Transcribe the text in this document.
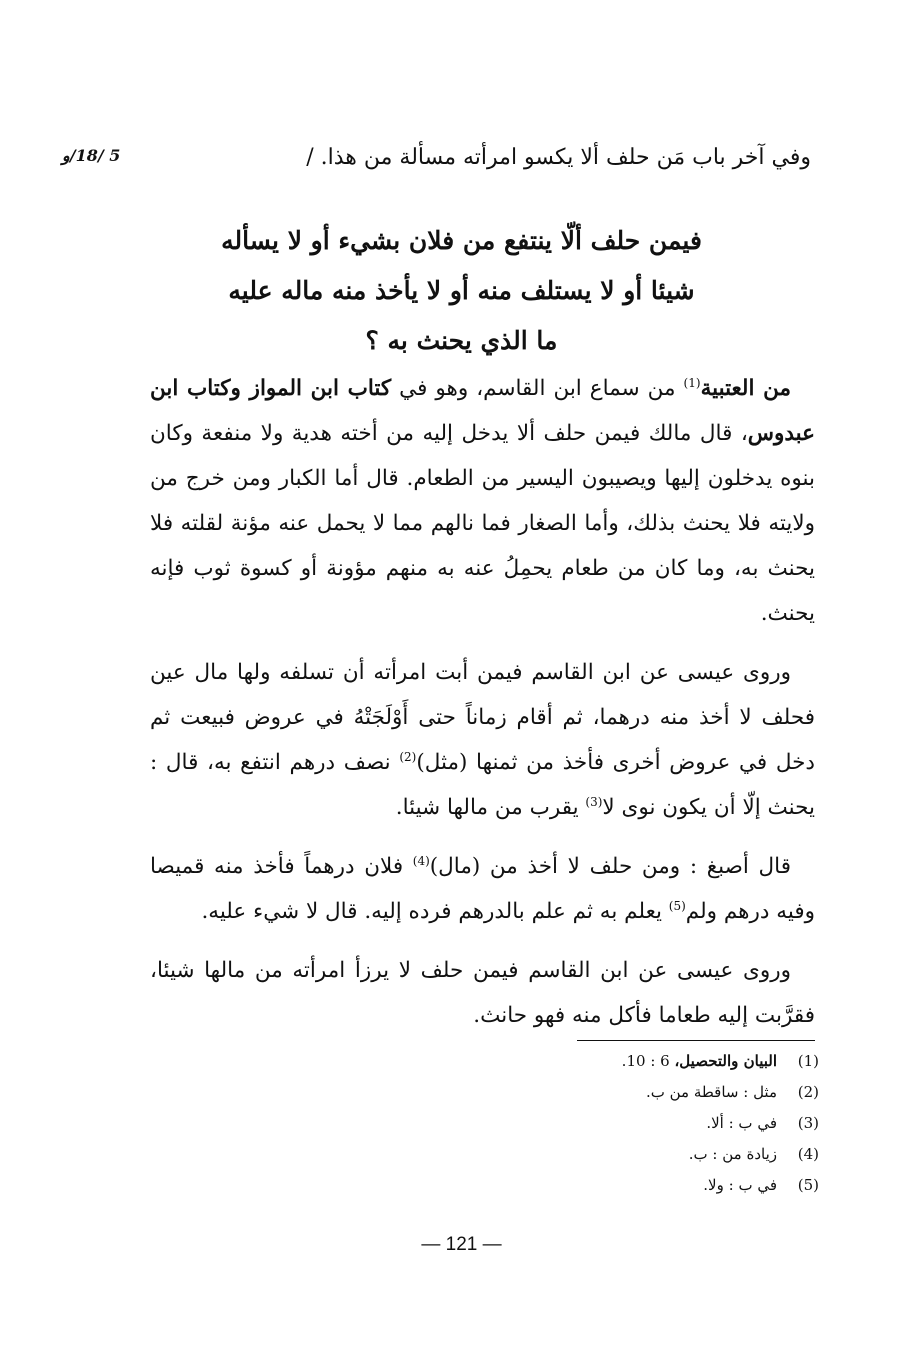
5 /18/و	وفي آخر باب مَن حلف ألا يكسو امرأته مسألة من هذا. /
فيمن حلف ألّا ينتفع من فلان بشيء أو لا يسأله
شيئا أو لا يستلف منه أو لا يأخذ منه ماله عليه
ما الذي يحنث به ؟

من العتبية$^{(1)}$ من سماع ابن القاسم، وهو في كتاب ابن المواز وكتاب ابن عبدوس، قال مالك فيمن حلف ألا يدخل إليه من أخته هدية ولا منفعة وكان بنوه يدخلون إليها ويصيبون اليسير من الطعام. قال أما الكبار ومن خرج من ولايته فلا يحنث بذلك، وأما الصغار فما نالهم مما لا يحمل عنه مؤنة لقلته فلا يحنث به، وما كان من طعام يحمِلُ عنه به منهم مؤونة أو كسوة ثوب فإنه يحنث.

وروى عيسى عن ابن القاسم فيمن أبت امرأته أن تسلفه ولها مال عين فحلف لا أخذ منه درهما، ثم أقام زماناً حتى أَوْلَجَتْهُ في عروض فبيعت ثم دخل في عروض أخرى فأخذ من ثمنها (مثل)$^{(2)}$ نصف درهم انتفع به، قال : يحنث إلّا أن يكون نوى لا$^{(3)}$ يقرب من مالها شيئا.

قال أصبغ : ومن حلف لا أخذ من (مال)$^{(4)}$ فلان درهماً فأخذ منه قميصا وفيه درهم ولم$^{(5)}$ يعلم به ثم علم بالدرهم فرده إليه. قال لا شيء عليه.

وروى عيسى عن ابن القاسم فيمن حلف لا يرزأ امرأته من مالها شيئا، فقرَّبت إليه طعاما فأكل منه فهو حانث.

(1)
البيان والتحصيل، 6 : 10.
(2)
مثل : ساقطة من ب.
(3)
في ب : ألا.
(4)
زيادة من : ب.
(5)
في ب : ولا.
— 121 —
